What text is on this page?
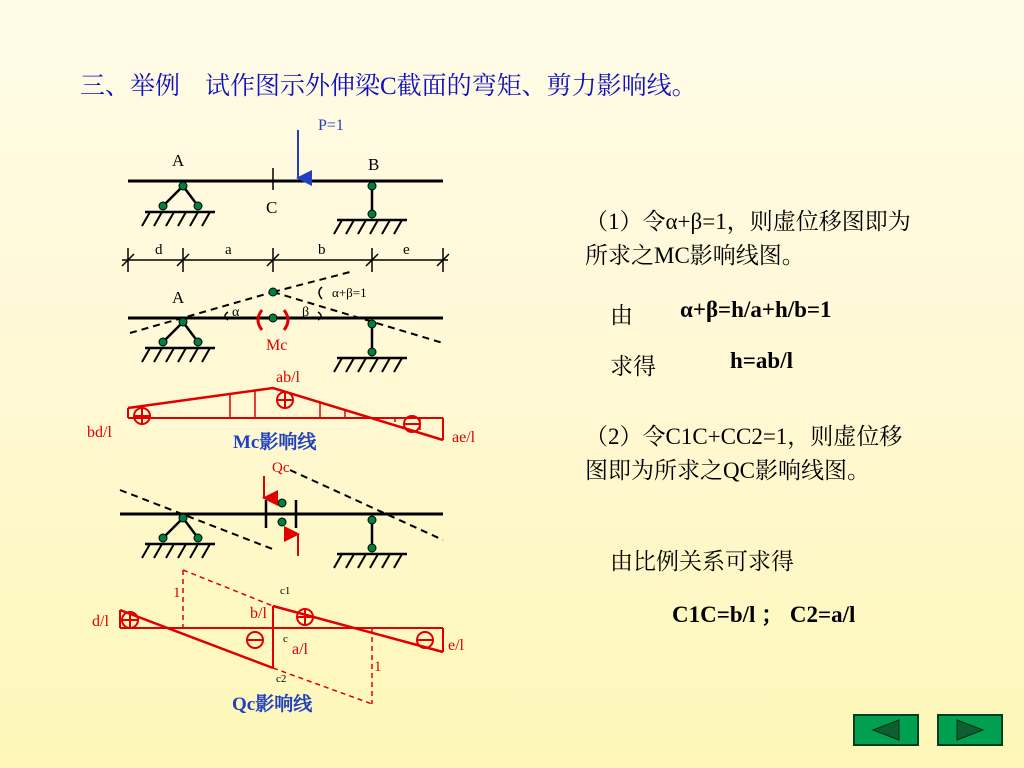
三、举例　试作图示外伸梁C截面的弯矩、剪力影响线。
P=1
A	B
C
d	a	b	e
A	α+β=1
α	β
Mc
ab/l
bd/l	ae/l
Mc影响线
Qc
1	c1
b/l
c
a/l
d/l
e/l
1
c2
Qc影响线
（1）令α+β=1，则虚位移图即为所求之MC影响线图。
由 α+β=h/a+h/b=1
求得	h=ab/l
（2）令C1C+CC2=1，则虚位移图即为所求之QC影响线图。
由比例关系可求得
C1C=b/l ； C2=a/l
